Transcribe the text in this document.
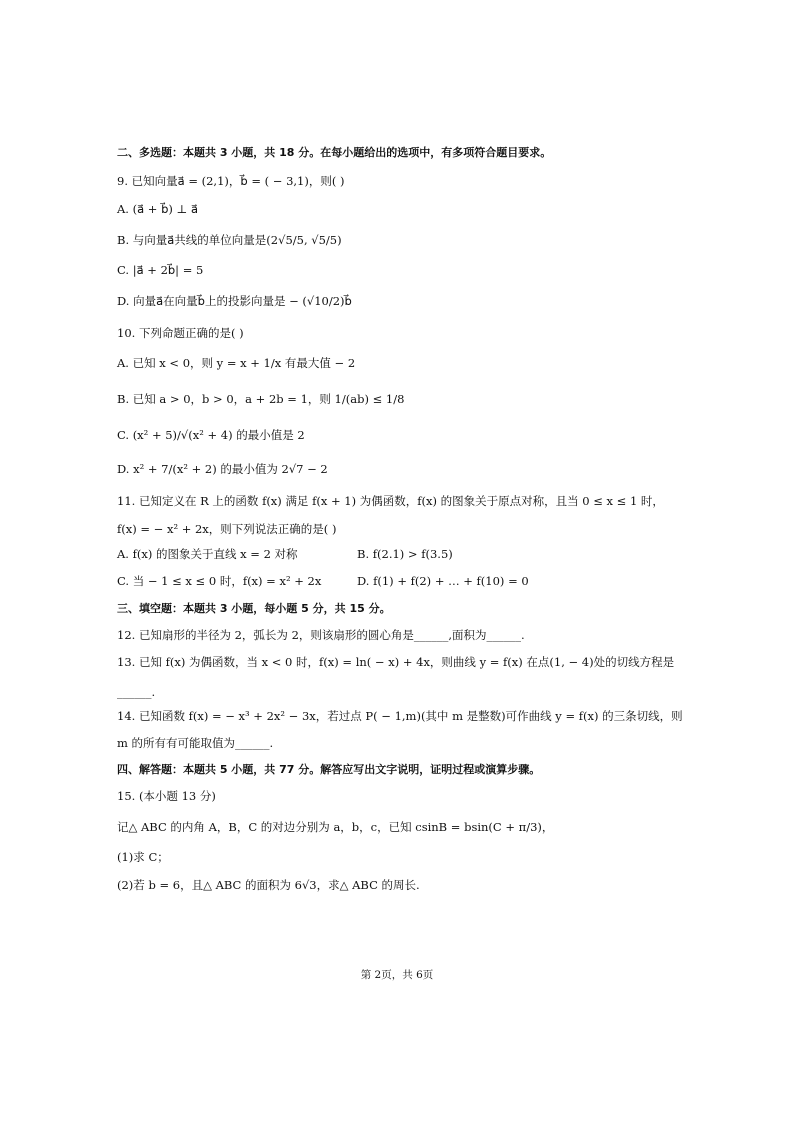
二、多选题：本题共 3 小题，共 18 分。在每小题给出的选项中，有多项符合题目要求。
9. 已知向量a⃗ = (2,1)，b⃗ = ( − 3,1)，则( )
A. (a⃗ + b⃗) ⊥ a⃗
B. 与向量a⃗共线的单位向量是(2√5/5, √5/5)
C. |a⃗ + 2b⃗| = 5
D. 向量a⃗在向量b⃗上的投影向量是 − (√10/2)b⃗
10. 下列命题正确的是( )
A. 已知 x < 0，则 y = x + 1/x 有最大值 − 2
B. 已知 a > 0，b > 0，a + 2b = 1，则 1/(ab) ≤ 1/8
C. (x² + 5)/√(x² + 4) 的最小值是 2
D. x² + 7/(x² + 2) 的最小值为 2√7 − 2
11. 已知定义在 R 上的函数 f(x) 满足 f(x + 1) 为偶函数，f(x) 的图象关于原点对称，且当 0 ≤ x ≤ 1 时，
f(x) = − x² + 2x，则下列说法正确的是( )
A. f(x) 的图象关于直线 x = 2 对称	B. f(2.1) > f(3.5)
C. 当 − 1 ≤ x ≤ 0 时，f(x) = x² + 2x	D. f(1) + f(2) + … + f(10) = 0
三、填空题：本题共 3 小题，每小题 5 分，共 15 分。
12. 已知扇形的半径为 2，弧长为 2，则该扇形的圆心角是______,面积为______.
13. 已知 f(x) 为偶函数，当 x < 0 时，f(x) = ln( − x) + 4x，则曲线 y = f(x) 在点(1, − 4)处的切线方程是
______.
14. 已知函数 f(x) = − x³ + 2x² − 3x，若过点 P( − 1,m)(其中 m 是整数)可作曲线 y = f(x) 的三条切线，则
m 的所有有可能取值为______.
四、解答题：本题共 5 小题，共 77 分。解答应写出文字说明，证明过程或演算步骤。
15. (本小题 13 分)
记△ ABC 的内角 A，B，C 的对边分别为 a，b，c，已知 csinB = bsin(C + π/3)，
(1)求 C；
(2)若 b = 6，且△ ABC 的面积为 6√3，求△ ABC 的周长.
第 2页，共 6页
